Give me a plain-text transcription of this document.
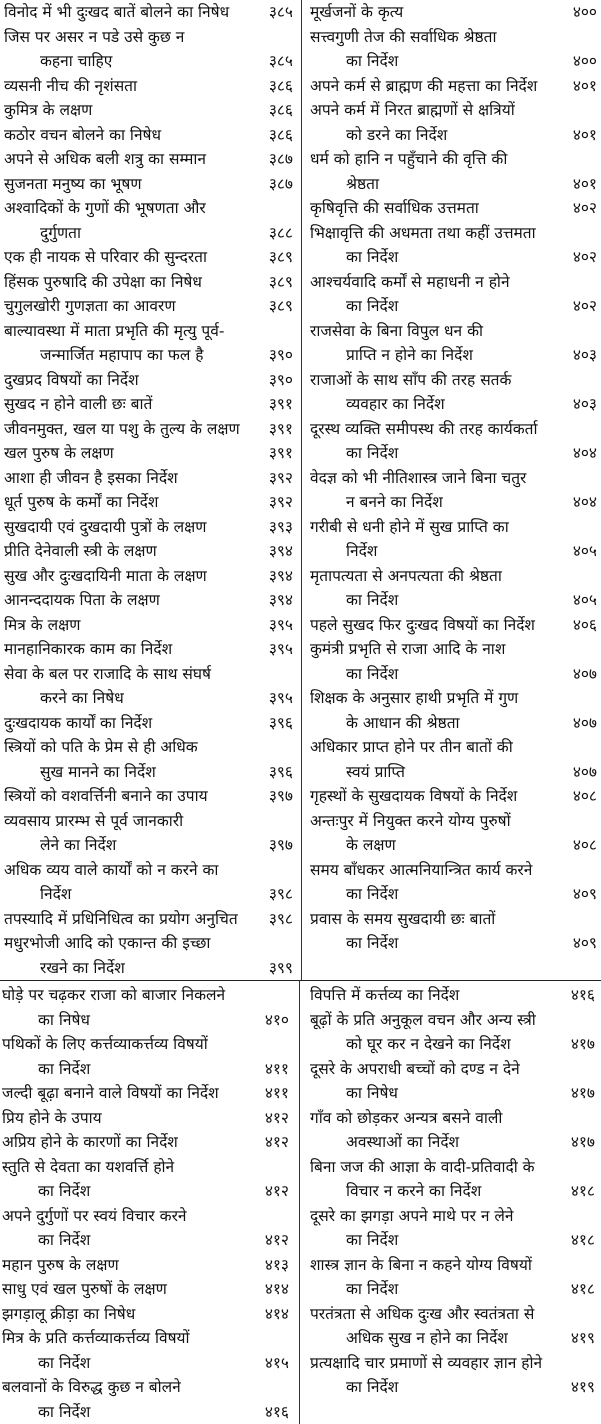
विनोद में भी दुःखद बातें बोलने का निषेध	३८५
जिस पर असर न पडे उसे कुछ न
कहना चाहिए	३८५
व्यसनी नीच की नृशंसता	३८६
कुमित्र के लक्षण	३८६
कठोर वचन बोलने का निषेध	३८६
अपने से अधिक बली शत्रु का सम्मान	३८७
सुजनता मनुष्य का भूषण	३८७
अश्वादिकों के गुणों की भूषणता और
दुर्गुणता	३८८
एक ही नायक से परिवार की सुन्दरता	३८९
हिंसक पुरुषादि की उपेक्षा का निषेध	३८९
चुगुलखोरी गुणज्ञता का आवरण	३८९
बाल्यावस्था में माता प्रभृति की मृत्यु पूर्व-
जन्मार्जित महापाप का फल है	३९०
दुखप्रद विषयों का निर्देश	३९०
सुखद न होने वाली छः बातें	३९१
जीवनमुक्त, खल या पशु के तुल्य के लक्षण	३९१
खल पुरुष के लक्षण	३९१
आशा ही जीवन है इसका निर्देश	३९२
धूर्त पुरुष के कर्मों का निर्देश	३९२
सुखदायी एवं दुखदायी पुत्रों के लक्षण	३९३
प्रीति देनेवाली स्त्री के लक्षण	३९४
सुख और दुःखदायिनी माता के लक्षण	३९४
आनन्ददायक पिता के लक्षण	३९४
मित्र के लक्षण	३९५
मानहानिकारक काम का निर्देश	३९५
सेवा के बल पर राजादि के साथ संघर्ष
करने का निषेध	३९५
दुःखदायक कार्यों का निर्देश	३९६
स्त्रियों को पति के प्रेम से ही अधिक
सुख मानने का निर्देश	३९६
स्त्रियों को वशवर्त्तिनी बनाने का उपाय	३९७
व्यवसाय प्रारम्भ से पूर्व जानकारी
लेने का निर्देश	३९७
अधिक व्यय वाले कार्यों को न करने का
निर्देश	३९८
तपस्यादि में प्रधिनिधित्व का प्रयोग अनुचित	३९८
मधुरभोजी आदि को एकान्त की इच्छा
रखने का निर्देश	३९९
मूर्खजनों के कृत्य	४००
सत्त्वगुणी तेज की सर्वाधिक श्रेष्ठता
का निर्देश	४००
अपने कर्म से ब्राह्मण की महत्ता का निर्देश	४०१
अपने कर्म में निरत ब्राह्मणों से क्षत्रियों
को डरने का निर्देश	४०१
धर्म को हानि न पहुँचाने की वृत्ति की
श्रेष्ठता	४०१
कृषिवृत्ति की सर्वाधिक उत्तमता	४०२
भिक्षावृत्ति की अधमता तथा कहीं उत्तमता
का निर्देश	४०२
आश्चर्यवादि कर्मों से महाधनी न होने
का निर्देश	४०२
राजसेवा के बिना विपुल धन की
प्राप्ति न होने का निर्देश	४०३
राजाओं के साथ साँप की तरह सतर्क
व्यवहार का निर्देश	४०३
दूरस्थ व्यक्ति समीपस्थ की तरह कार्यकर्ता
का निर्देश	४०४
वेदज्ञ को भी नीतिशास्त्र जाने बिना चतुर
न बनने का निर्देश	४०४
गरीबी से धनी होने में सुख प्राप्ति का
निर्देश	४०५
मृतापत्यता से अनपत्यता की श्रेष्ठता
का निर्देश	४०५
पहले सुखद फिर दुःखद विषयों का निर्देश	४०६
कुमंत्री प्रभृति से राजा आदि के नाश
का निर्देश	४०७
शिक्षक के अनुसार हाथी प्रभृति में गुण
के आधान की श्रेष्ठता	४०७
अधिकार प्राप्त होने पर तीन बातों की
स्वयं प्राप्ति	४०७
गृहस्थों के सुखदायक विषयों के निर्देश	४०८
अन्तःपुर में नियुक्त करने योग्य पुरुषों
के लक्षण	४०८
समय बाँधकर आत्मनियान्त्रित कार्य करने
का निर्देश	४०९
प्रवास के समय सुखदायी छः बातों
का निर्देश	४०९
घोड़े पर चढ़कर राजा को बाजार निकलने
का निषेध	४१०
पथिकों के लिए कर्त्तव्याकर्त्तव्य विषयों
का निर्देश	४११
जल्दी बूढ़ा बनाने वाले विषयों का निर्देश	४११
प्रिय होने के उपाय	४१२
अप्रिय होने के कारणों का निर्देश	४१२
स्तुति से देवता का यशवर्त्ति होने
का निर्देश	४१२
अपने दुर्गुणों पर स्वयं विचार करने
का निर्देश	४१२
महान पुरुष के लक्षण	४१३
साधु एवं खल पुरुषों के लक्षण	४१४
झगड़ालू क्रीड़ा का निषेध	४१४
मित्र के प्रति कर्त्तव्याकर्त्तव्य विषयों
का निर्देश	४१५
बलवानों के विरुद्ध कुछ न बोलने
का निर्देश	४१६
विपत्ति में कर्त्तव्य का निर्देश	४१६
बूढ़ों के प्रति अनुकूल वचन और अन्य स्त्री
को घूर कर न देखने का निर्देश	४१७
दूसरे के अपराधी बच्चों को दण्ड न देने
का निषेध	४१७
गाँव को छोड़कर अन्यत्र बसने वाली
अवस्थाओं का निर्देश	४१७
बिना जज की आज्ञा के वादी-प्रतिवादी के
विचार न करने का निर्देश	४१८
दूसरे का झगड़ा अपने माथे पर न लेने
का निर्देश	४१८
शास्त्र ज्ञान के बिना न कहने योग्य विषयों
का निर्देश	४१८
परतंत्रता से अधिक दुःख और स्वतंत्रता से
अधिक सुख न होने का निर्देश	४१९
प्रत्यक्षादि चार प्रमाणों से व्यवहार ज्ञान होने
का निर्देश	४१९
